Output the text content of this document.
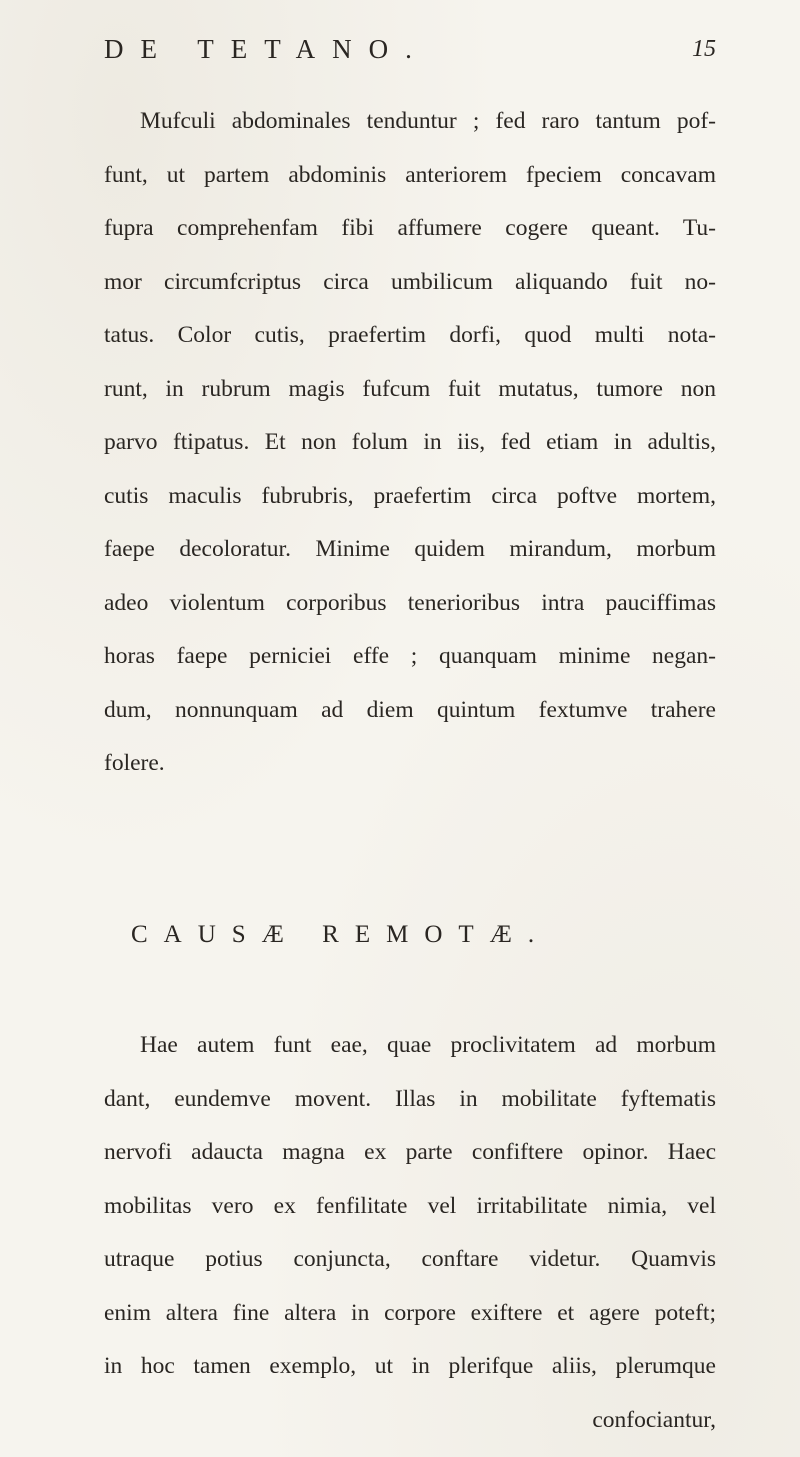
DE TETANO.	15
Mufculi abdominales tenduntur ; fed raro tantum pof-
funt, ut partem abdominis anteriorem fpeciem concavam
fupra comprehenfam fibi affumere cogere queant. Tu-
mor circumfcriptus circa umbilicum aliquando fuit no-
tatus. Color cutis, praefertim dorfi, quod multi nota-
runt, in rubrum magis fufcum fuit mutatus, tumore non
parvo ftipatus. Et non folum in iis, fed etiam in adultis,
cutis maculis fubrubris, praefertim circa poftve mortem,
faepe decoloratur. Minime quidem mirandum, morbum
adeo violentum corporibus tenerioribus intra pauciffimas
horas faepe perniciei effe ; quanquam minime negan-
dum, nonnunquam ad diem quintum fextumve trahere
folere.
CAUSÆ REMOTÆ.
Hae autem funt eae, quae proclivitatem ad morbum
dant, eundemve movent. Illas in mobilitate fyftematis
nervofi adaucta magna ex parte confiftere opinor. Haec
mobilitas vero ex fenfilitate vel irritabilitate nimia, vel
utraque potius conjuncta, conftare videtur. Quamvis
enim altera fine altera in corpore exiftere et agere poteft;
in hoc tamen exemplo, ut in plerifque aliis, plerumque
confociantur,
